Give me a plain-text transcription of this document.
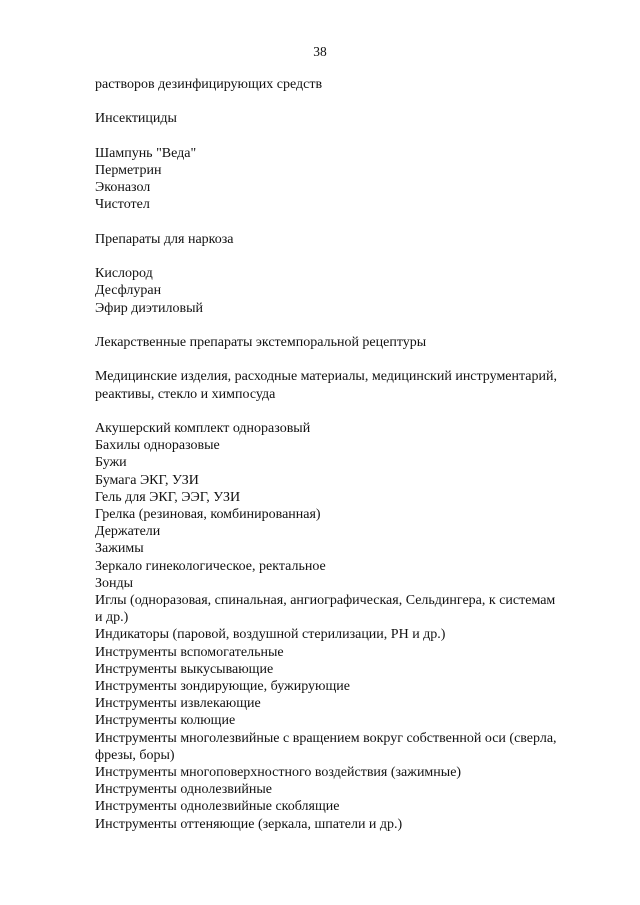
38
растворов дезинфицирующих средств
Инсектициды
Шампунь "Веда"
Перметрин
Эконазол
Чистотел
Препараты для наркоза
Кислород
Десфлуран
Эфир диэтиловый
Лекарственные препараты экстемпоральной рецептуры
Медицинские изделия, расходные материалы, медицинский инструментарий,
реактивы, стекло и химпосуда
Акушерский комплект одноразовый
Бахилы одноразовые
Бужи
Бумага ЭКГ, УЗИ
Гель для ЭКГ, ЭЭГ, УЗИ
Грелка (резиновая, комбинированная)
Держатели
Зажимы
Зеркало гинекологическое, ректальное
Зонды
Иглы (одноразовая, спинальная, ангиографическая, Сельдингера, к системам
и др.)
Индикаторы (паровой, воздушной стерилизации, PH и др.)
Инструменты вспомогательные
Инструменты выкусывающие
Инструменты зондирующие, бужирующие
Инструменты извлекающие
Инструменты колющие
Инструменты многолезвийные с вращением вокруг собственной оси (сверла,
фрезы, боры)
Инструменты многоповерхностного воздействия (зажимные)
Инструменты однолезвийные
Инструменты однолезвийные скоблящие
Инструменты оттеняющие (зеркала, шпатели и др.)
